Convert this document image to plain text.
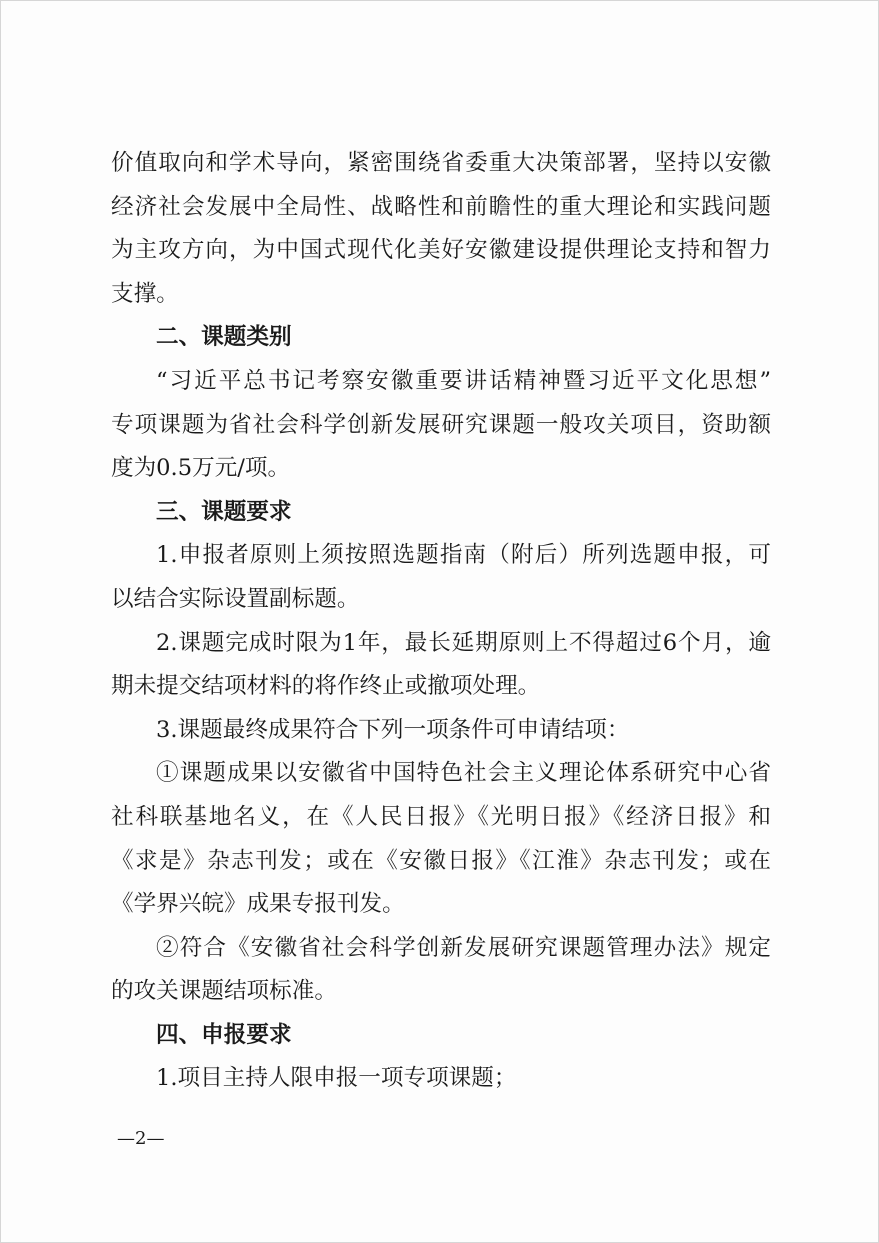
价值取向和学术导向，紧密围绕省委重大决策部署，坚持以安徽
经济社会发展中全局性、战略性和前瞻性的重大理论和实践问题
为主攻方向，为中国式现代化美好安徽建设提供理论支持和智力
支撑。
二、课题类别
“习近平总书记考察安徽重要讲话精神暨习近平文化思想”
专项课题为省社会科学创新发展研究课题一般攻关项目，资助额
度为0.5万元/项。
三、课题要求
1.申报者原则上须按照选题指南（附后）所列选题申报，可
以结合实际设置副标题。
2.课题完成时限为1年，最长延期原则上不得超过6个月，逾
期未提交结项材料的将作终止或撤项处理。
3.课题最终成果符合下列一项条件可申请结项：
①课题成果以安徽省中国特色社会主义理论体系研究中心省
社科联基地名义，在《人民日报》《光明日报》《经济日报》和
《求是》杂志刊发；或在《安徽日报》《江淮》杂志刊发；或在
《学界兴皖》成果专报刊发。
②符合《安徽省社会科学创新发展研究课题管理办法》规定
的攻关课题结项标准。
四、申报要求
1.项目主持人限申报一项专项课题；
—2—
